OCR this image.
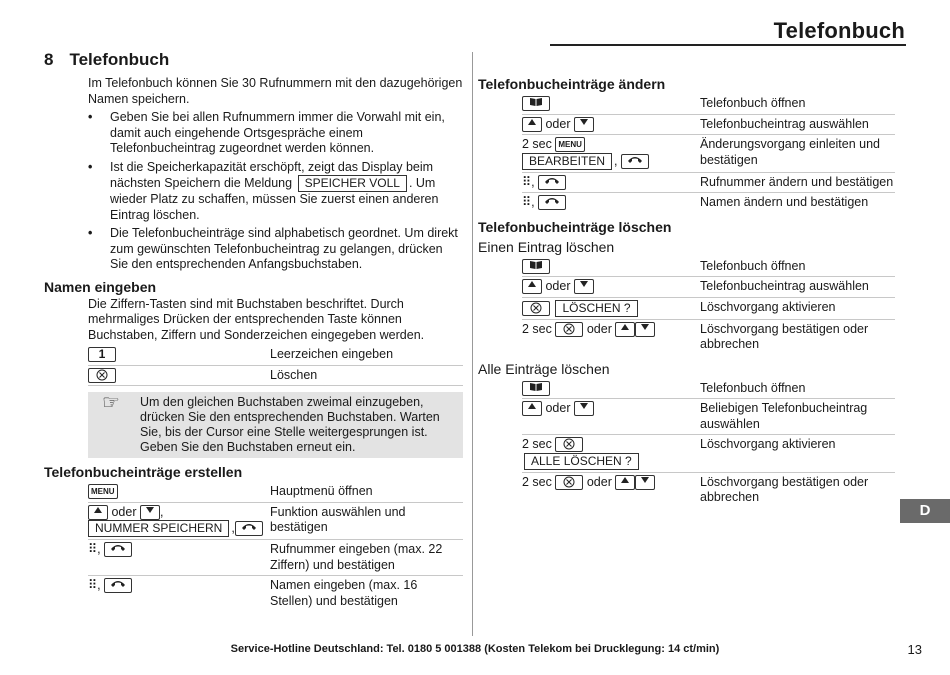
Telefonbuch
8 Telefonbuch
Im Telefonbuch können Sie 30 Rufnummern mit den dazugehörigen Namen speichern.
• Geben Sie bei allen Rufnummern immer die Vorwahl mit ein, damit auch eingehende Ortsgespräche einem Telefonbucheintrag zugeordnet werden können.
• Ist die Speicherkapazität erschöpft, zeigt das Display beim nächsten Speichern die Meldung SPEICHER VOLL . Um wieder Platz zu schaffen, müssen Sie zuerst einen anderen Eintrag löschen.
• Die Telefonbucheinträge sind alphabetisch geordnet. Um direkt zum gewünschten Telefonbucheintrag zu gelangen, drücken Sie den entsprechenden Anfangsbuchstaben.
Namen eingeben
Die Ziffern-Tasten sind mit Buchstaben beschriftet. Durch mehrmaliges Drücken der entsprechenden Taste können Buchstaben, Ziffern und Sonderzeichen eingegeben werden.
1	Leerzeichen eingeben

	Löschen
☞ Um den gleichen Buchstaben zweimal einzugeben, drücken Sie den entsprechenden Buchstaben. Warten Sie, bis der Cursor eine Stelle weitergesprungen ist. Geben Sie den Buchstaben erneut ein.
Telefonbucheinträge erstellen
MENU	Hauptmenü öffnen

oder ,
NUMMER SPEICHERN ,	Funktion auswählen und bestätigen
⠿,	Rufnummer eingeben (max. 22 Ziffern) und bestätigen
⠿,	Namen eingeben (max. 16 Stellen) und bestätigen
Telefonbucheinträge ändern
	Telefonbuch öffnen

oder	Telefonbucheintrag auswählen
2 sec MENU
BEARBEITEN ,	Änderungsvorgang einleiten und bestätigen
⠿,	Rufnummer ändern und bestätigen
⠿,	Namen ändern und bestätigen
Telefonbucheinträge löschen
Einen Eintrag löschen
	Telefonbuch öffnen

oder	Telefonbucheintrag auswählen

LÖSCHEN ?	Löschvorgang aktivieren
2 sec oder	Löschvorgang bestätigen oder abbrechen
Alle Einträge löschen
	Telefonbuch öffnen

oder	Beliebigen Telefonbucheintrag auswählen
2 sec
ALLE LÖSCHEN ?	Löschvorgang aktivieren
2 sec oder	Löschvorgang bestätigen oder abbrechen
D
Service-Hotline Deutschland: Tel. 0180 5 001388 (Kosten Telekom bei Drucklegung: 14 ct/min)	13
